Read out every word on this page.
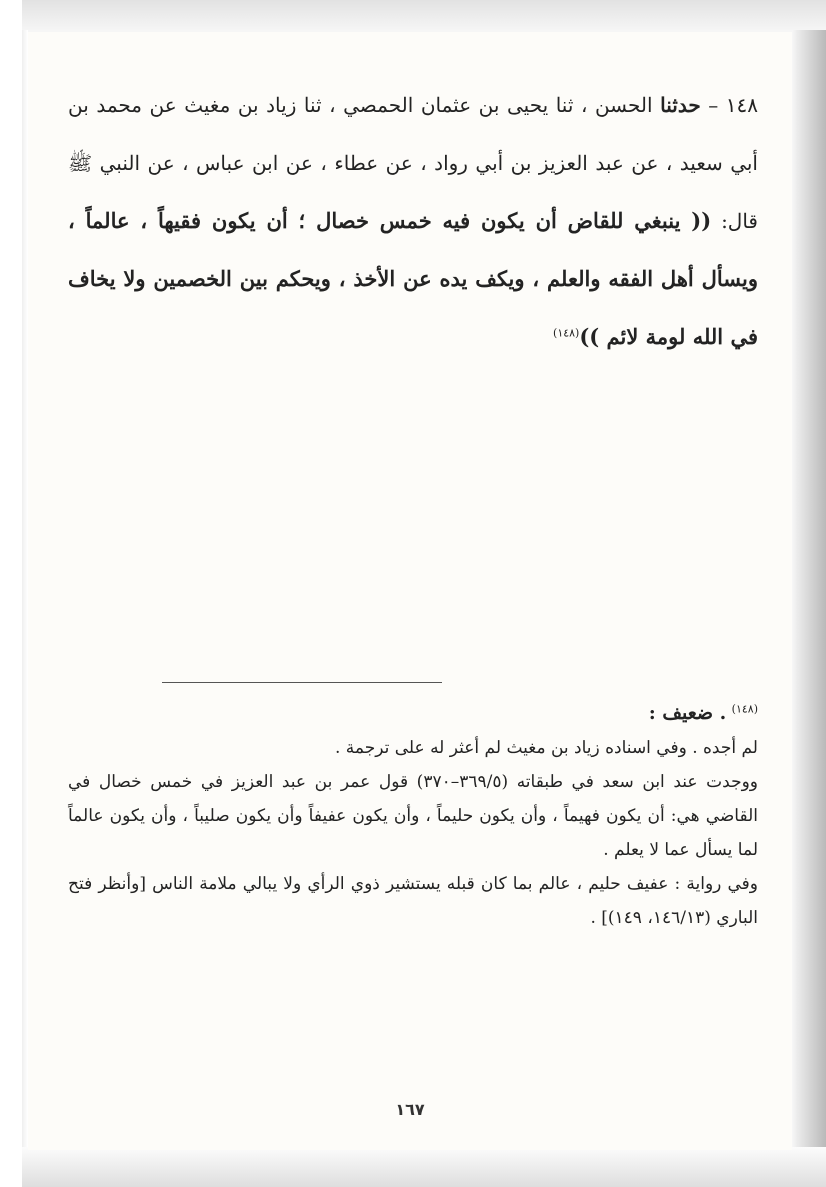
١٤٨ – حدثنا الحسن ، ثنا يحيى بن عثمان الحمصي ، ثنا زياد بن مغيث عن محمد بن أبي سعيد ، عن عبد العزيز بن أبي رواد ، عن عطاء ، عن ابن عباس ، عن النبي ﷺ قال: (( ينبغي للقاض أن يكون فيه خمس خصال ؛ أن يكون فقيهاً ، عالماً ، ويسأل أهل الفقه والعلم ، ويكف يده عن الأخذ ، ويحكم بين الخصمين ولا يخاف في الله لومة لائم ))$^{(١٤٨)}$

$^{(١٤٨)}$ . ضعيف :

لم أجده . وفي اسناده زياد بن مغيث لم أعثر له على ترجمة .

ووجدت عند ابن سعد في طبقاته (٣٦٩/٥–٣٧٠) قول عمر بن عبد العزيز في خمس خصال في القاضي هي: أن يكون فهيماً ، وأن يكون حليماً ، وأن يكون عفيفاً وأن يكون صليباً ، وأن يكون عالماً لما يسأل عما لا يعلم .

وفي رواية : عفيف حليم ، عالم بما كان قبله يستشير ذوي الرأي ولا يبالي ملامة الناس [وأنظر فتح الباري (١٤٦/١٣، ١٤٩)] .

١٦٧
